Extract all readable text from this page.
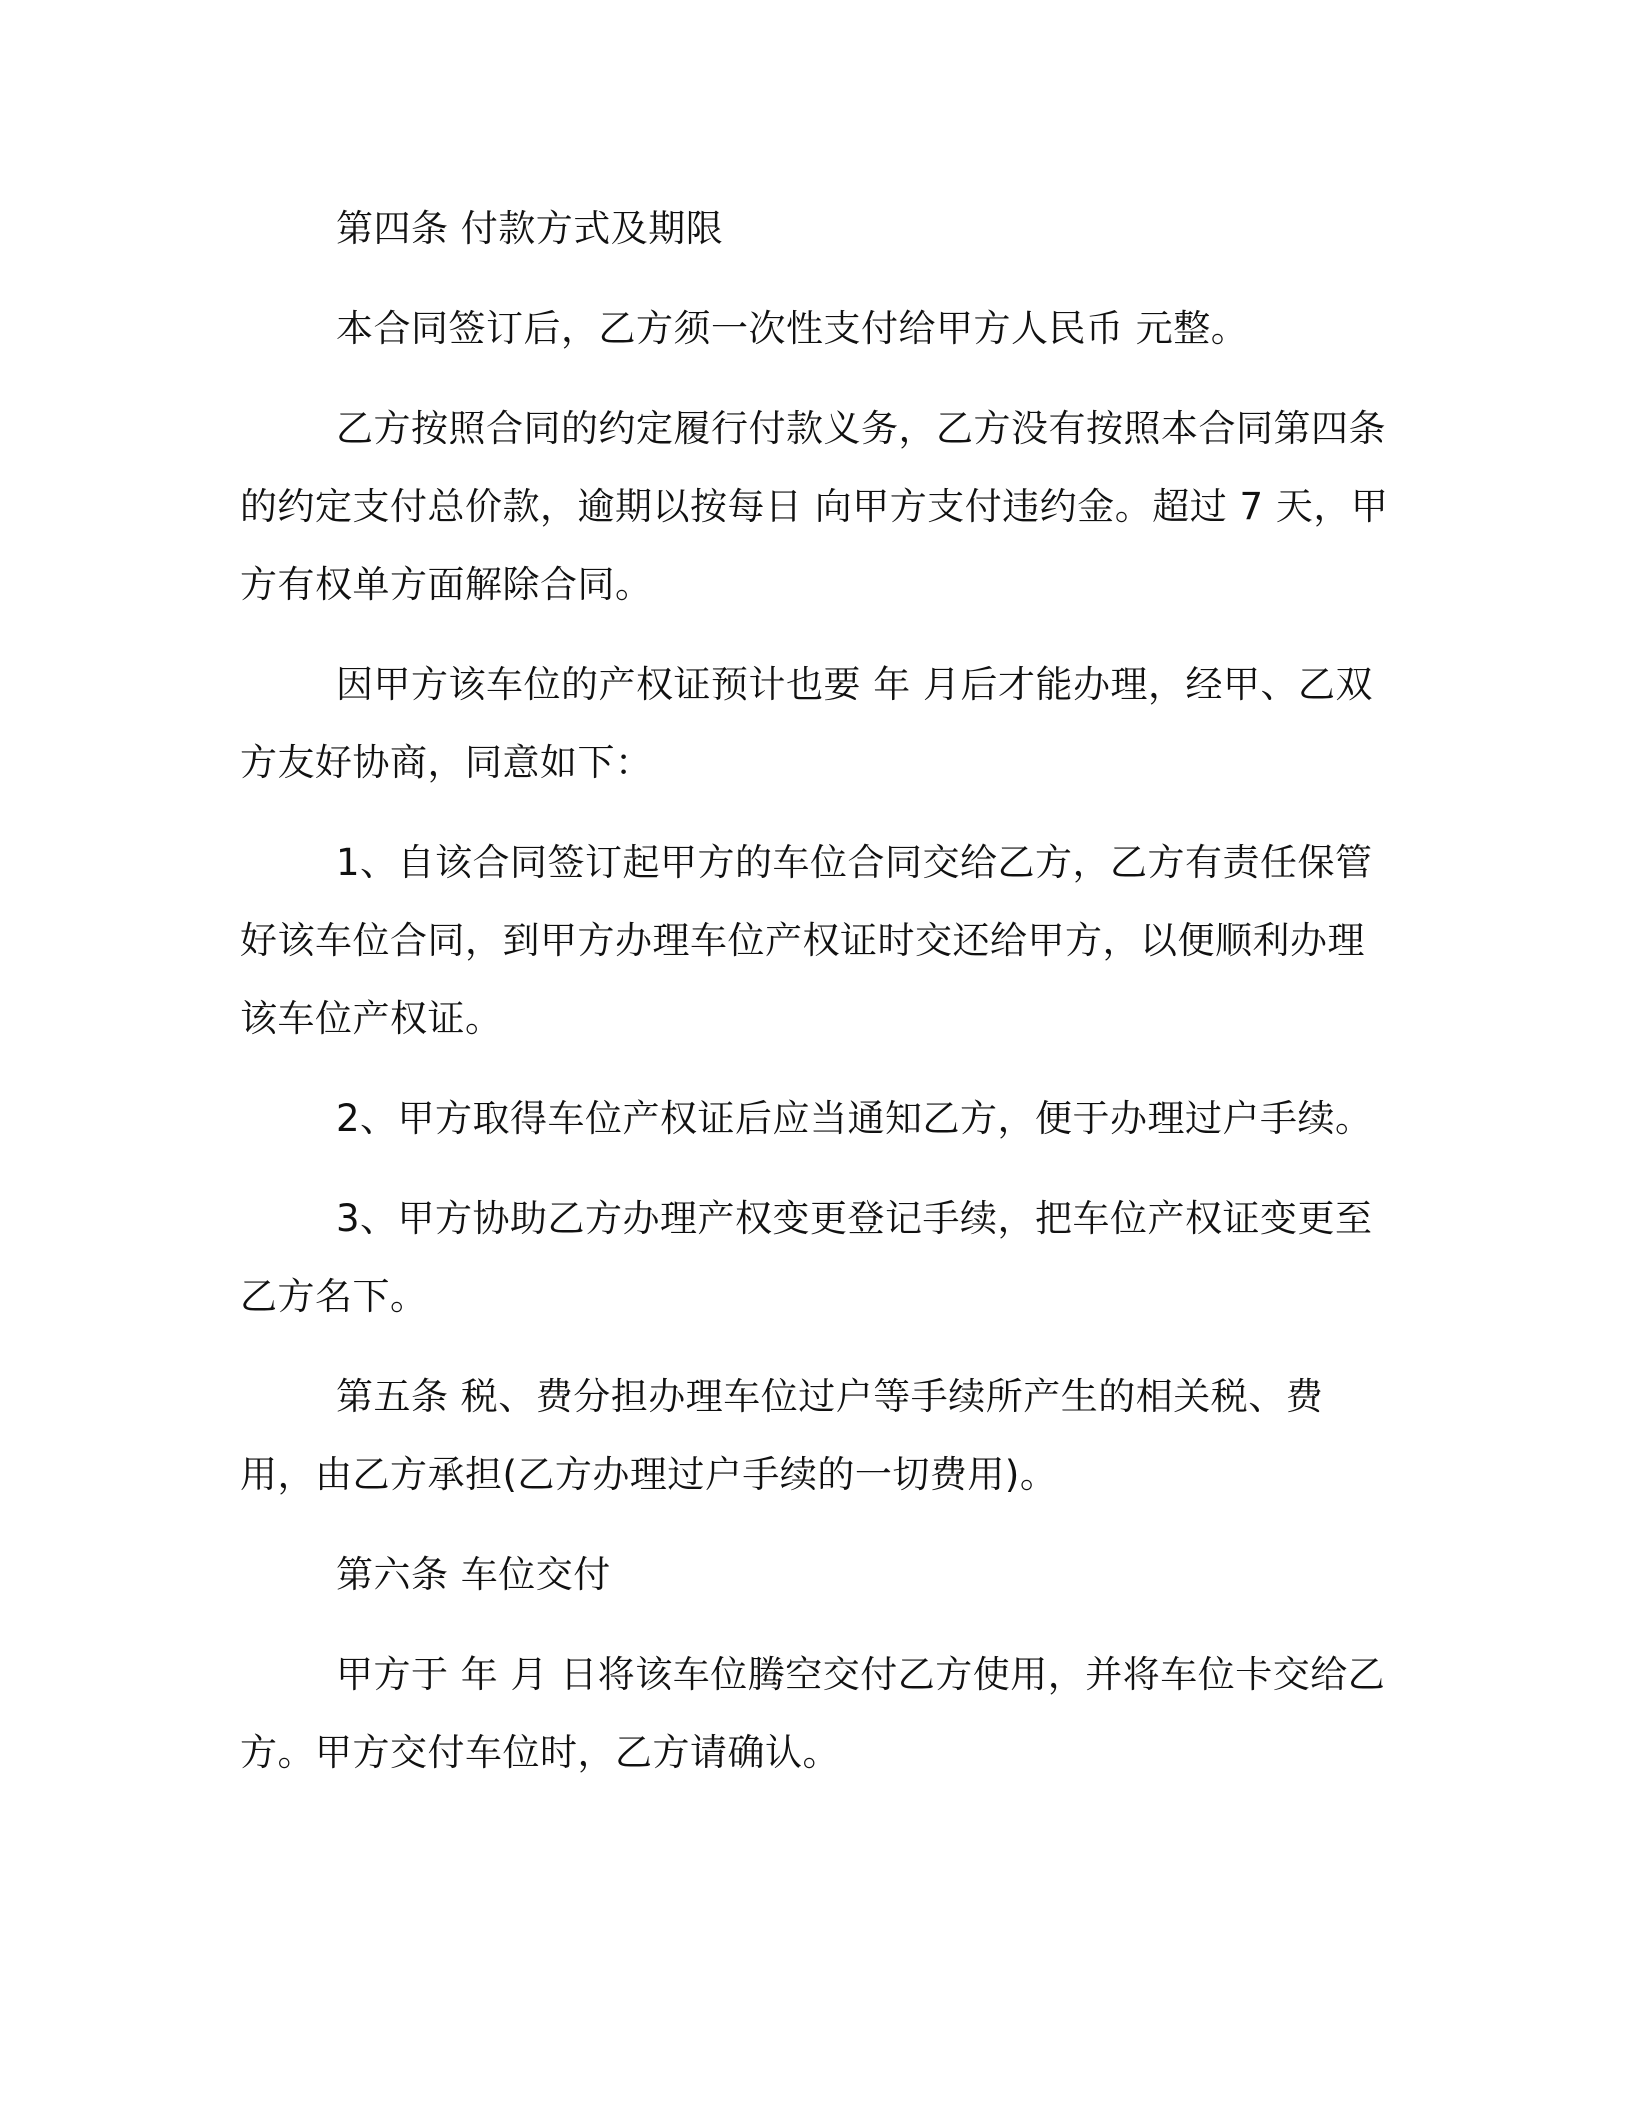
第四条 付款方式及期限

本合同签订后，乙方须一次性支付给甲方人民币 元整。

乙方按照合同的约定履行付款义务，乙方没有按照本合同第四条的约定支付总价款，逾期以按每日 向甲方支付违约金。超过 7 天，甲方有权单方面解除合同。

因甲方该车位的产权证预计也要 年 月后才能办理，经甲、乙双方友好协商，同意如下：

1、自该合同签订起甲方的车位合同交给乙方，乙方有责任保管好该车位合同，到甲方办理车位产权证时交还给甲方，以便顺利办理该车位产权证。

2、甲方取得车位产权证后应当通知乙方，便于办理过户手续。

3、甲方协助乙方办理产权变更登记手续，把车位产权证变更至乙方名下。

第五条 税、费分担办理车位过户等手续所产生的相关税、费用，由乙方承担(乙方办理过户手续的一切费用)。

第六条 车位交付

甲方于 年 月 日将该车位腾空交付乙方使用，并将车位卡交给乙方。甲方交付车位时，乙方请确认。
